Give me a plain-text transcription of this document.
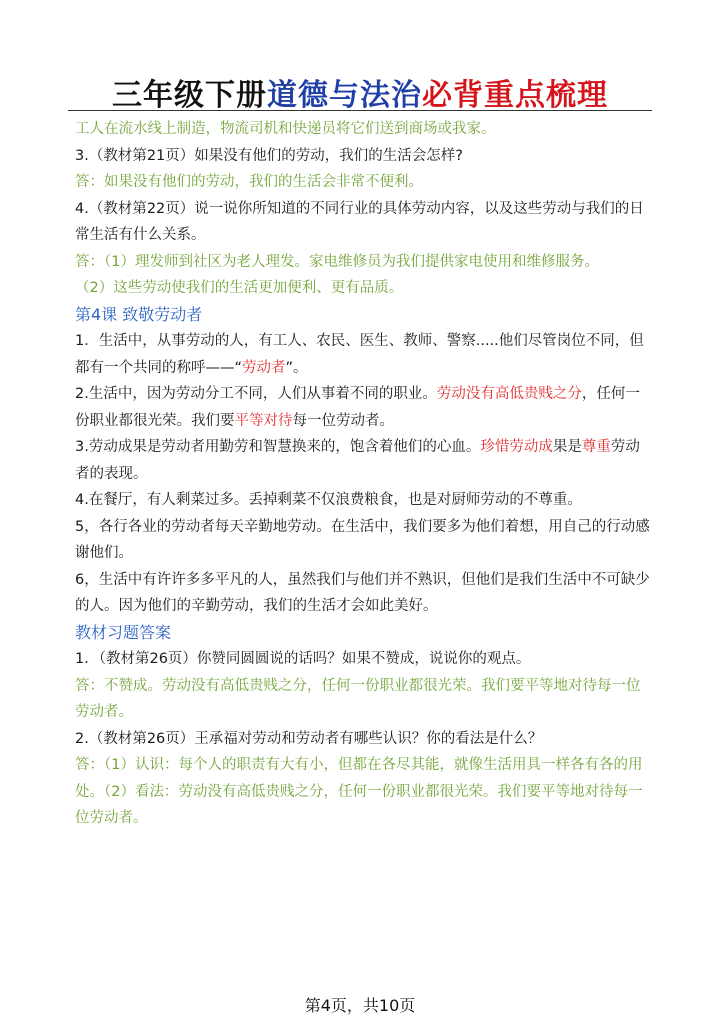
三年级下册道德与法治必背重点梳理

工人在流水线上制造，物流司机和快递员将它们送到商场或我家。

3.（教材第21页）如果没有他们的劳动，我们的生活会怎样?

答：如果没有他们的劳动，我们的生活会非常不便利。

4.（教材第22页）说一说你所知道的不同行业的具体劳动内容，以及这些劳动与我们的日常生活有什么关系。

答：（1）理发师到社区为老人理发。家电维修员为我们提供家电使用和维修服务。

（2）这些劳动使我们的生活更加便利、更有品质。

第4课 致敬劳动者

1．生活中，从事劳动的人，有工人、农民、医生、教师、警察.....他们尽管岗位不同，但都有一个共同的称呼——“劳动者”。

2.生活中，因为劳动分工不同，人们从事着不同的职业。劳动没有高低贵贱之分，任何一份职业都很光荣。我们要平等对待每一位劳动者。

3.劳动成果是劳动者用勤劳和智慧换来的，饱含着他们的心血。珍惜劳动成果是尊重劳动者的表现。

4.在餐厅，有人剩菜过多。丢掉剩菜不仅浪费粮食，也是对厨师劳动的不尊重。

5，各行各业的劳动者每天辛勤地劳动。在生活中，我们要多为他们着想，用自己的行动感谢他们。

6，生活中有许许多多平凡的人，虽然我们与他们并不熟识，但他们是我们生活中不可缺少的人。因为他们的辛勤劳动，我们的生活才会如此美好。

教材习题答案

1．（教材第26页）你赞同圆圆说的话吗？如果不赞成，说说你的观点。

答：不赞成。劳动没有高低贵贱之分，任何一份职业都很光荣。我们要平等地对待每一位劳动者。

2.（教材第26页）王承福对劳动和劳动者有哪些认识？你的看法是什么？

答：（1）认识：每个人的职责有大有小，但都在各尽其能，就像生活用具一样各有各的用处。（2）看法：劳动没有高低贵贱之分，任何一份职业都很光荣。我们要平等地对待每一位劳动者。

第4页，共10页
